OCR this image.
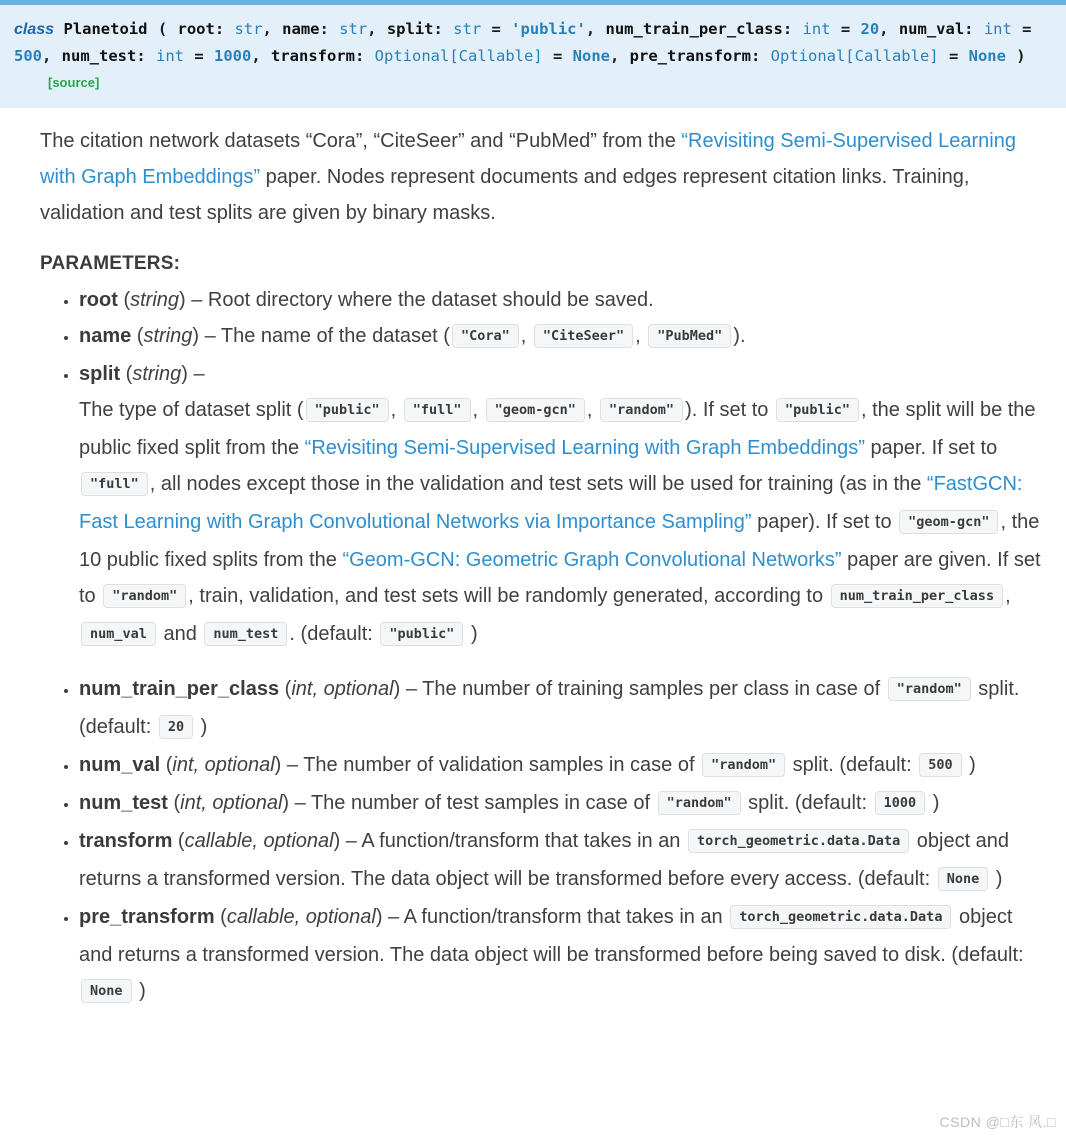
class Planetoid ( root: str, name: str, split: str = 'public', num_train_per_class: int = 20, num_val: int = 500, num_test: int = 1000, transform: Optional[Callable] = None, pre_transform: Optional[Callable] = None )[source]

The citation network datasets “Cora”, “CiteSeer” and “PubMed” from the “Revisiting Semi-Supervised Learning with Graph Embeddings” paper. Nodes represent documents and edges represent citation links. Training, validation and test splits are given by binary masks.

PARAMETERS:

• root (string) – Root directory where the dataset should be saved.

• name (string) – The name of the dataset ( "Cora" , "CiteSeer" , "PubMed" ).

• split (string) –

The type of dataset split ( "public" , "full" , "geom-gcn" , "random" ). If set to "public" , the split will be the public fixed split from the “Revisiting Semi-Supervised Learning with Graph Embeddings” paper. If set to "full" , all nodes except those in the validation and test sets will be used for training (as in the “FastGCN: Fast Learning with Graph Convolutional Networks via Importance Sampling” paper). If set to "geom-gcn" , the 10 public fixed splits from the “Geom-GCN: Geometric Graph Convolutional Networks” paper are given. If set to "random" , train, validation, and test sets will be randomly generated, according to num_train_per_class , num_val and num_test . (default: "public" )

• num_train_per_class (int, optional) – The number of training samples per class in case of "random" split. (default: 20 )

• num_val (int, optional) – The number of validation samples in case of "random" split. (default: 500 )

• num_test (int, optional) – The number of test samples in case of "random" split. (default: 1000 )

• transform (callable, optional) – A function/transform that takes in an torch_geometric.data.Data object and returns a transformed version. The data object will be transformed before every access. (default: None )

• pre_transform (callable, optional) – A function/transform that takes in an torch_geometric.data.Data object and returns a transformed version. The data object will be transformed before being saved to disk. (default: None )

CSDN @□东 风.□
